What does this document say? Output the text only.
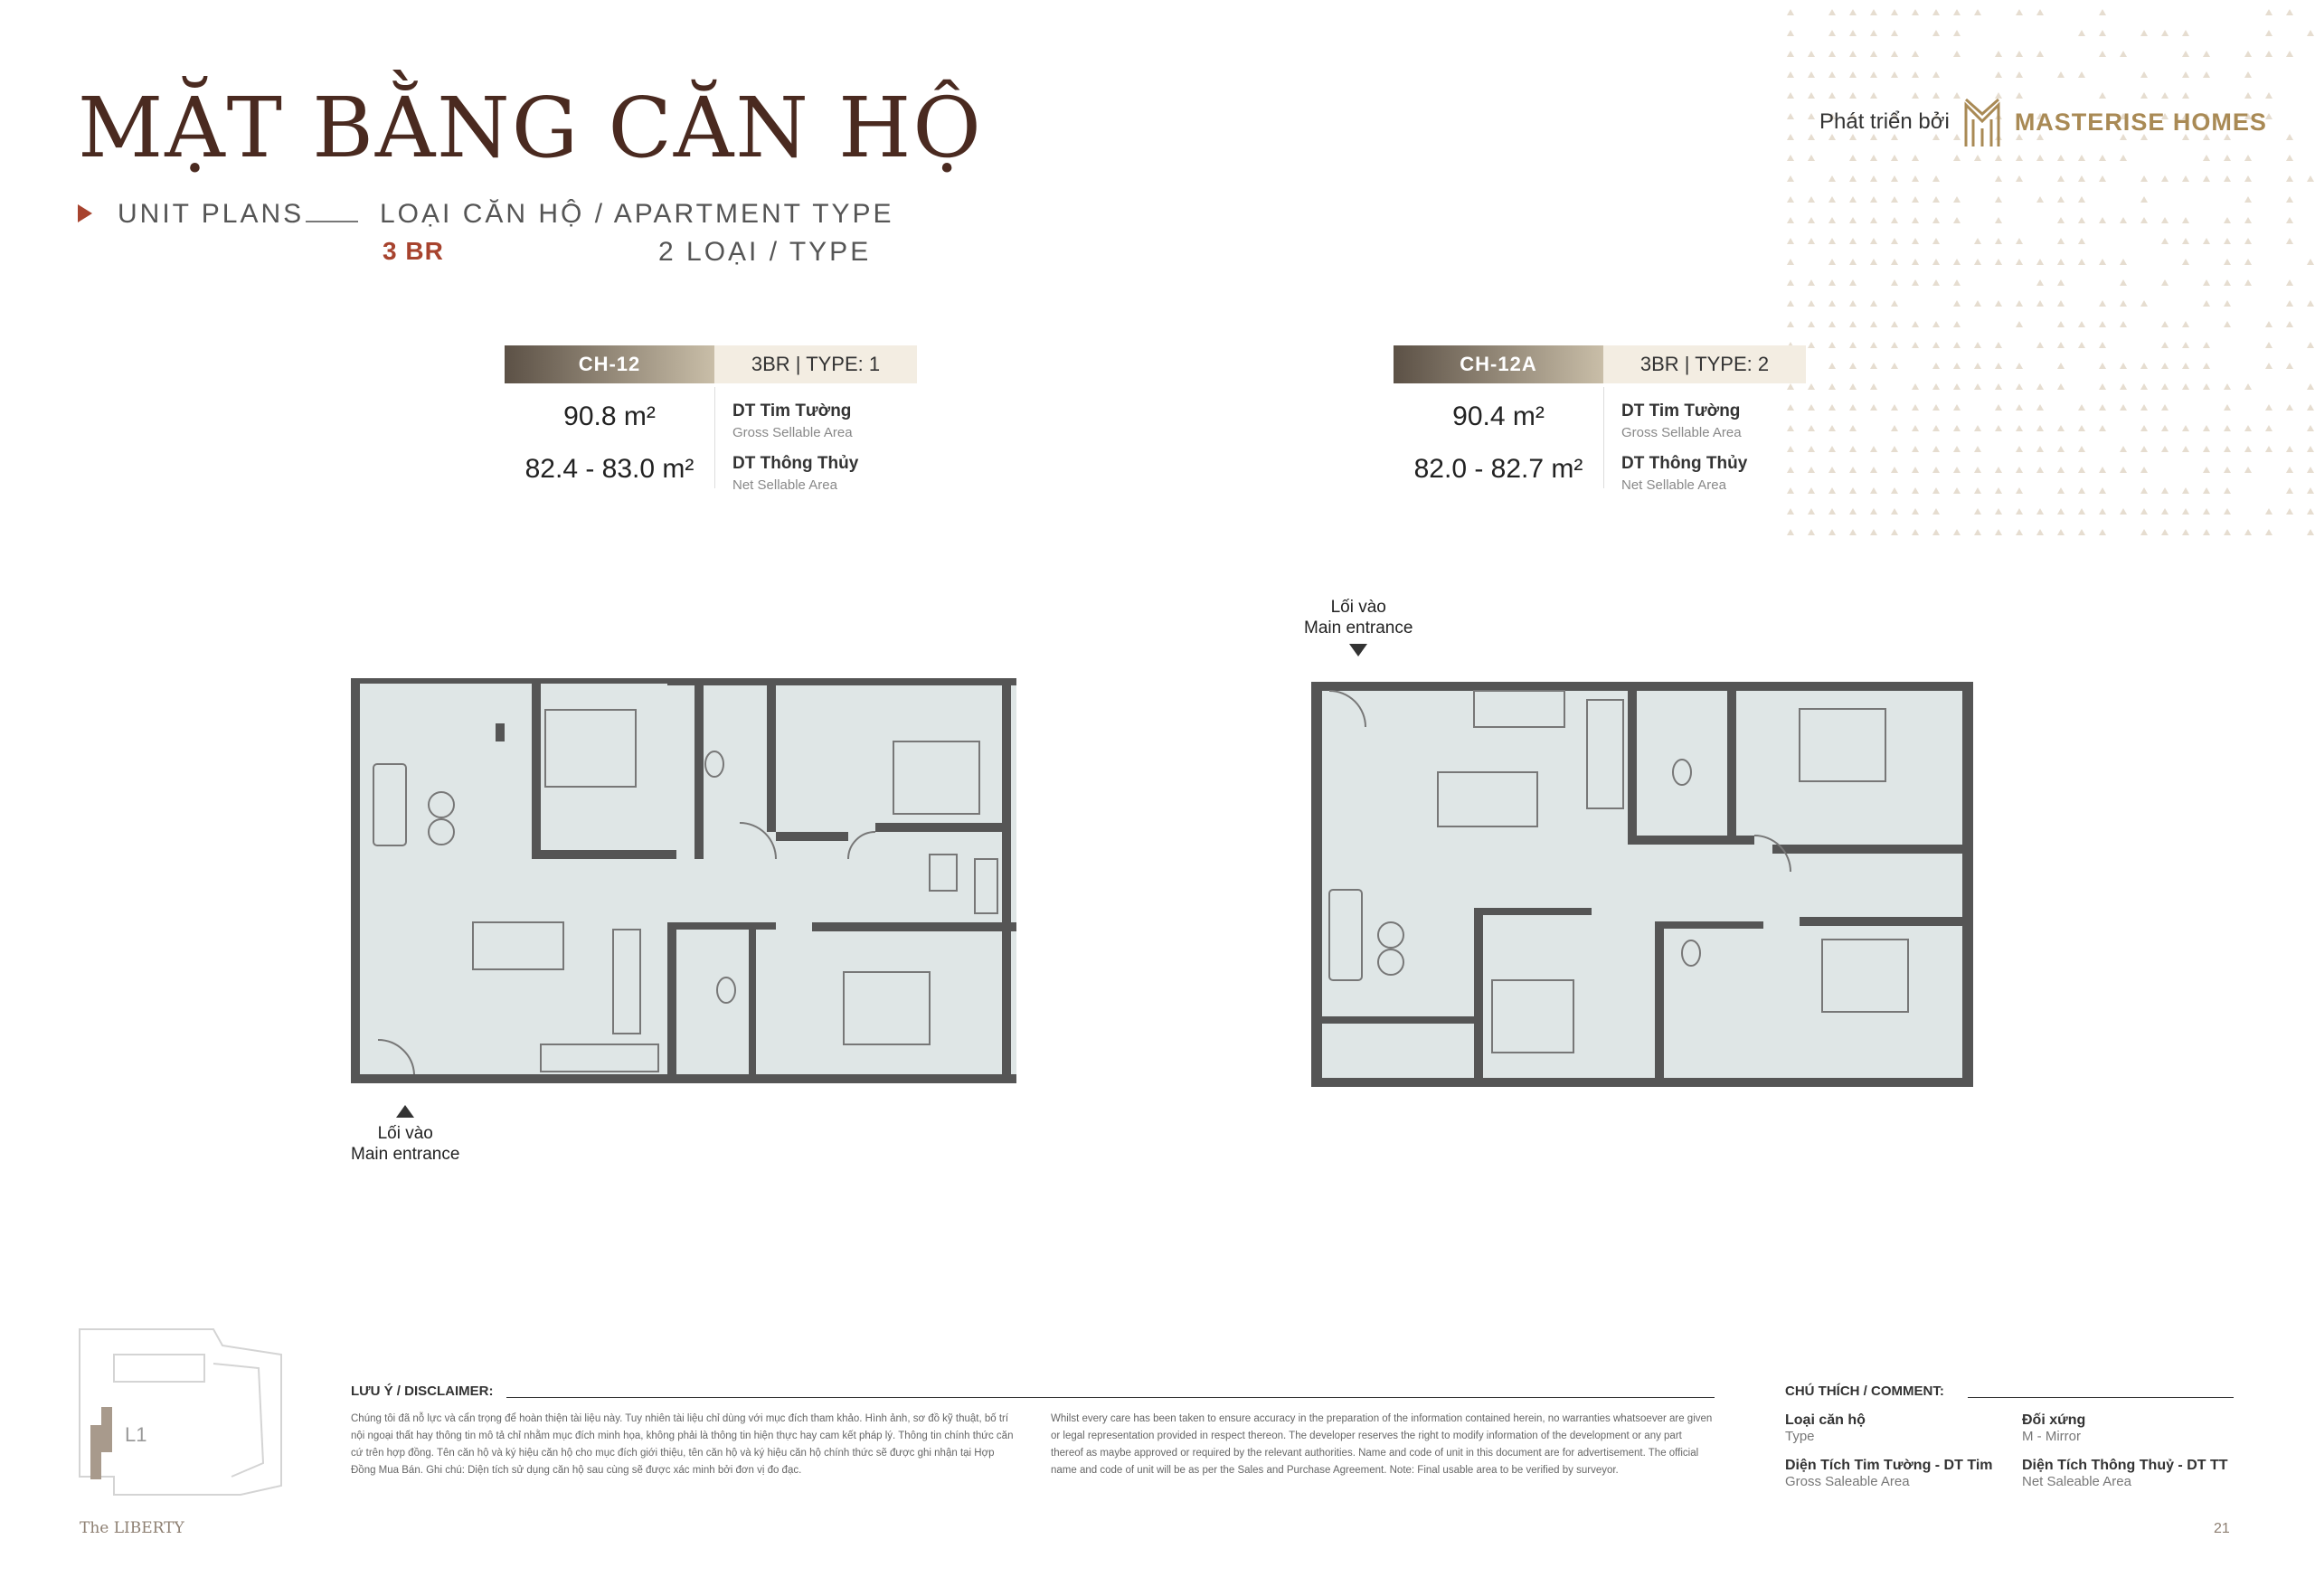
MẶT BẰNG CĂN HỘ
UNIT PLANS	LOẠI CĂN HỘ / APARTMENT TYPE
3 BR	2 LOẠI / TYPE
Phát triển bởi	MASTERISE HOMES
CH-12	3BR | TYPE: 1
90.8 m²	DT Tim Tường
Gross Sellable Area
82.4 - 83.0 m²	DT Thông Thủy
Net Sellable Area
CH-12A	3BR | TYPE: 2
90.4 m²	DT Tim Tường
Gross Sellable Area
82.0 - 82.7 m²	DT Thông Thủy
Net Sellable Area
Lối vào
Main entrance
Lối vào
Main entrance
L1
LƯU Ý / DISCLAIMER:
Chúng tôi đã nỗ lực và cẩn trọng để hoàn thiện tài liệu này. Tuy nhiên tài liệu chỉ dùng với mục đích tham khảo. Hình ảnh, sơ đồ kỹ thuật, bố trí nội ngoại thất hay thông tin mô tả chỉ nhằm mục đích minh họa, không phải là thông tin hiện thực hay cam kết pháp lý. Thông tin chính thức căn cứ trên hợp đồng. Tên căn hộ và ký hiệu căn hộ cho mục đích giới thiệu, tên căn hộ và ký hiệu căn hộ chính thức sẽ được ghi nhận tại Hợp Đồng Mua Bán. Ghi chú: Diện tích sử dụng căn hộ sau cùng sẽ được xác minh bởi đơn vị đo đạc.
Whilst every care has been taken to ensure accuracy in the preparation of the information contained herein, no warranties whatsoever are given or legal representation provided in respect thereon. The developer reserves the right to modify information of the development or any part thereof as maybe approved or required by the relevant authorities. Name and code of unit in this document are for advertisement. The official name and code of unit will be as per the Sales and Purchase Agreement. Note: Final usable area to be verified by surveyor.
CHÚ THÍCH / COMMENT:
Loại căn hộ
Type
Đối xứng
M - Mirror
Diện Tích Tim Tường - DT Tim
Gross Saleable Area
Diện Tích Thông Thuỷ - DT TT
Net Saleable Area
The LIBERTY	21
